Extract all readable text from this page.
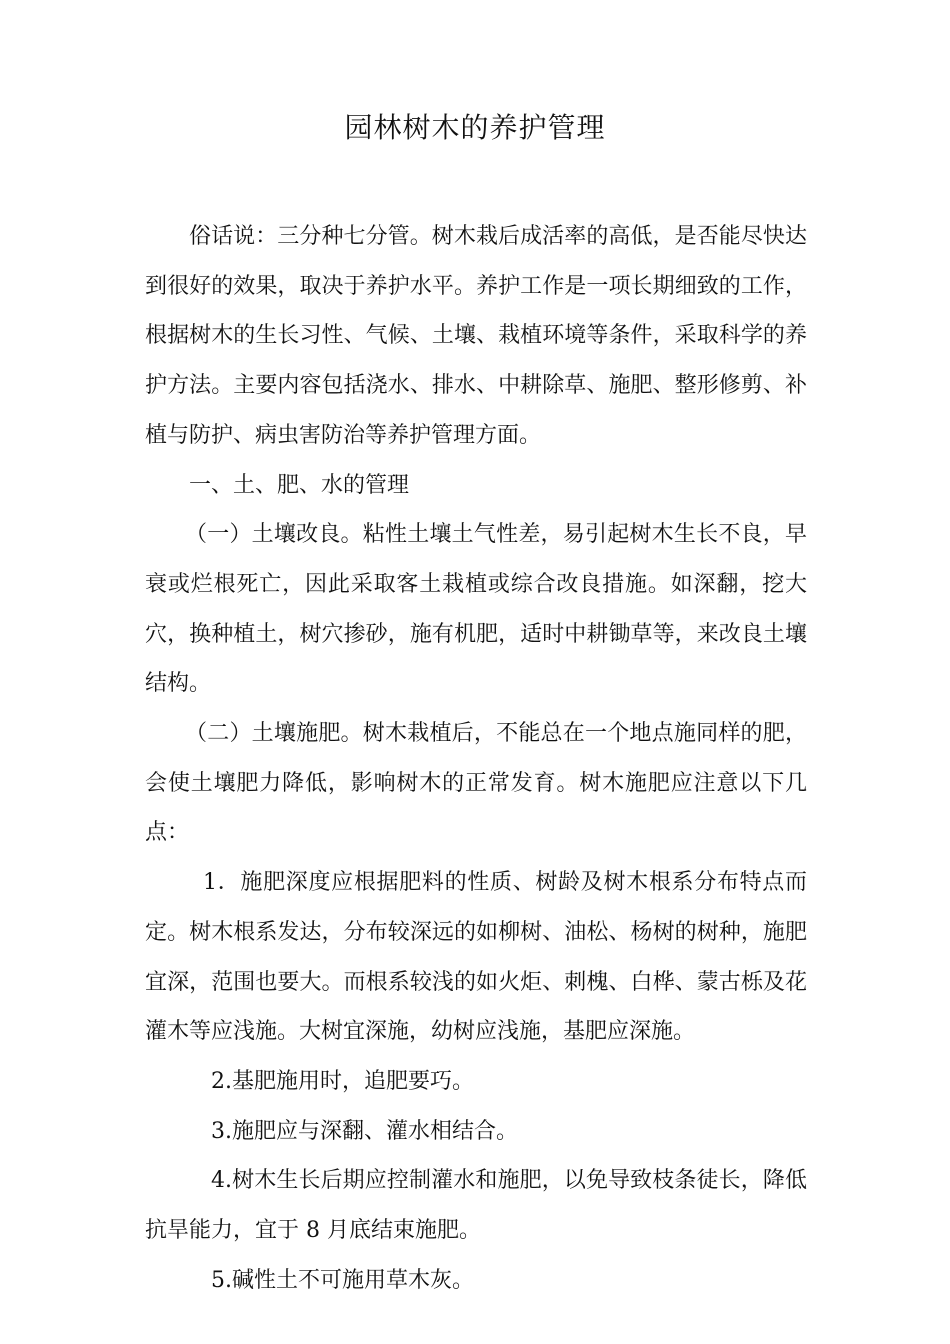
园林树木的养护管理

俗话说：三分种七分管。树木栽后成活率的高低，是否能尽快达到很好的效果，取决于养护水平。养护工作是一项长期细致的工作，根据树木的生长习性、气候、土壤、栽植环境等条件，采取科学的养护方法。主要内容包括浇水、排水、中耕除草、施肥、整形修剪、补植与防护、病虫害防治等养护管理方面。

一、土、肥、水的管理

（一）土壤改良。粘性土壤土气性差，易引起树木生长不良，早衰或烂根死亡，因此采取客土栽植或综合改良措施。如深翻，挖大穴，换种植土，树穴掺砂，施有机肥，适时中耕锄草等，来改良土壤结构。

（二）土壤施肥。树木栽植后，不能总在一个地点施同样的肥，会使土壤肥力降低，影响树木的正常发育。树木施肥应注意以下几点：

1．施肥深度应根据肥料的性质、树龄及树木根系分布特点而定。树木根系发达，分布较深远的如柳树、油松、杨树的树种，施肥宜深，范围也要大。而根系较浅的如火炬、刺槐、白桦、蒙古栎及花灌木等应浅施。大树宜深施，幼树应浅施，基肥应深施。

2.基肥施用时，追肥要巧。

3.施肥应与深翻、灌水相结合。

4.树木生长后期应控制灌水和施肥，以免导致枝条徒长，降低抗旱能力，宜于 8 月底结束施肥。

5.碱性土不可施用草木灰。
